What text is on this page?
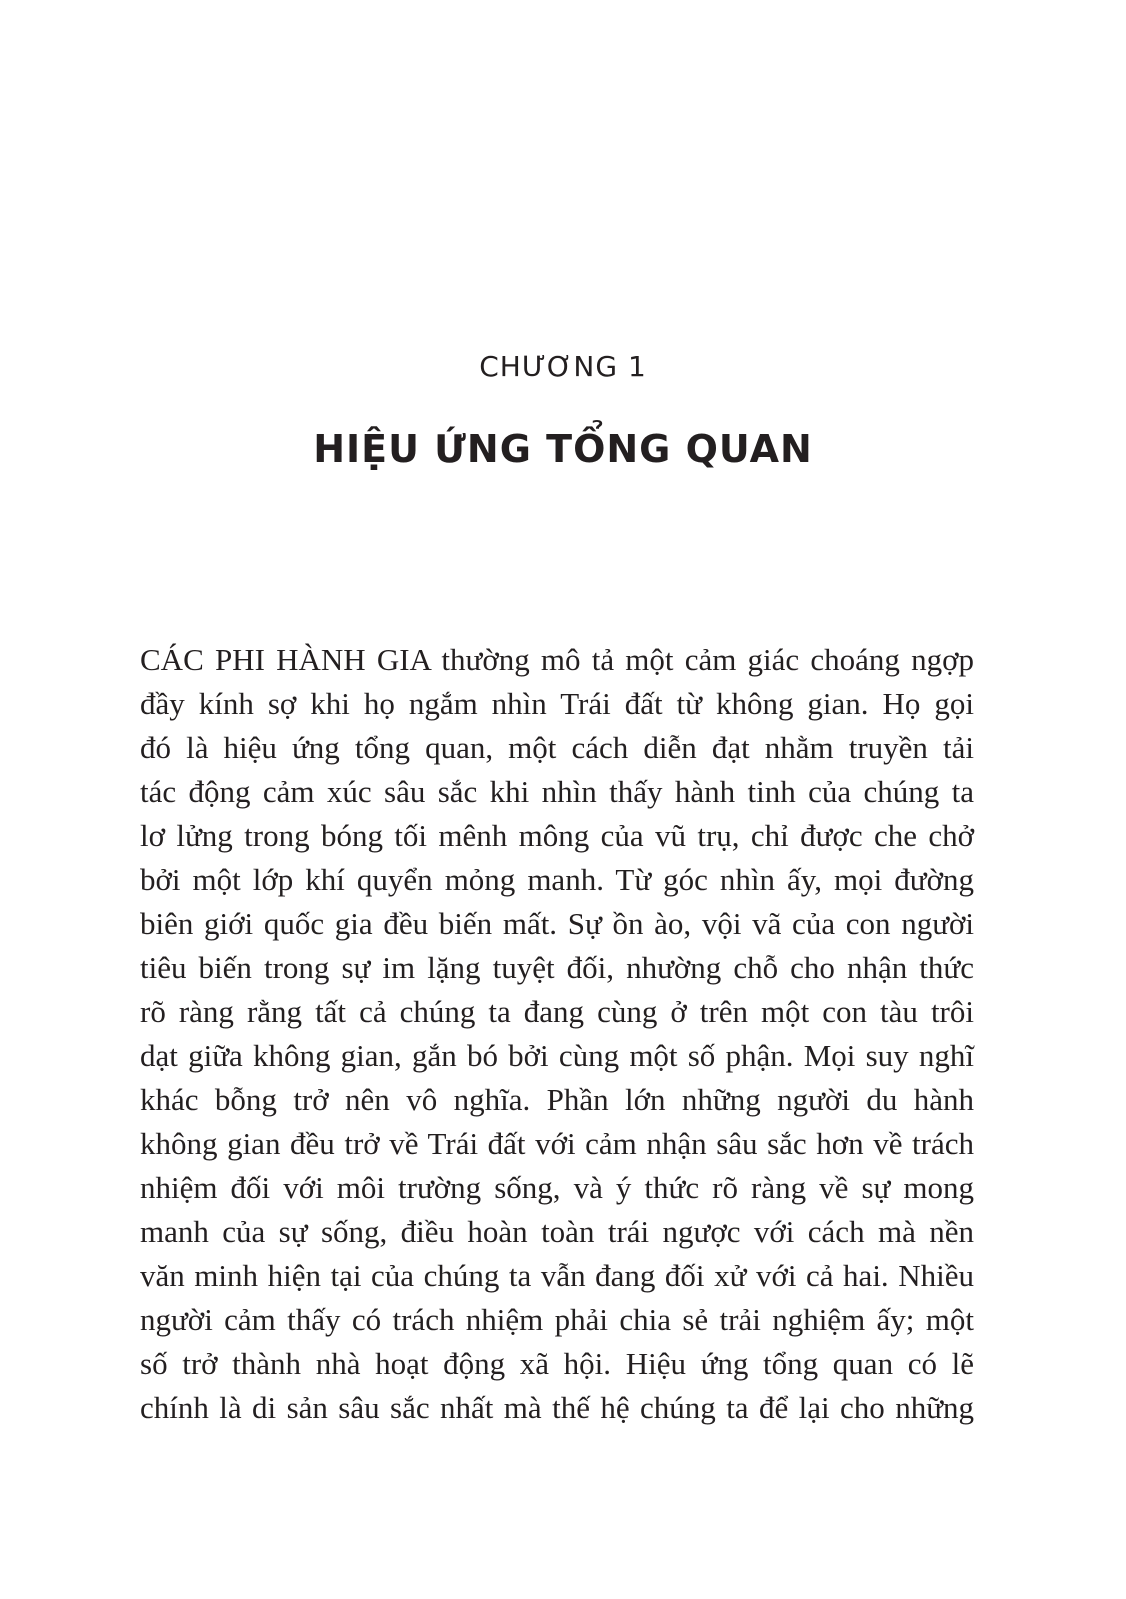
CHƯƠNG 1
HIỆU ỨNG TỔNG QUAN
CÁC PHI HÀNH GIA thường mô tả một cảm giác choáng ngợp
đầy kính sợ khi họ ngắm nhìn Trái đất từ không gian. Họ gọi
đó là hiệu ứng tổng quan, một cách diễn đạt nhằm truyền tải
tác động cảm xúc sâu sắc khi nhìn thấy hành tinh của chúng ta
lơ lửng trong bóng tối mênh mông của vũ trụ, chỉ được che chở
bởi một lớp khí quyển mỏng manh. Từ góc nhìn ấy, mọi đường
biên giới quốc gia đều biến mất. Sự ồn ào, vội vã của con người
tiêu biến trong sự im lặng tuyệt đối, nhường chỗ cho nhận thức
rõ ràng rằng tất cả chúng ta đang cùng ở trên một con tàu trôi
dạt giữa không gian, gắn bó bởi cùng một số phận. Mọi suy nghĩ
khác bỗng trở nên vô nghĩa. Phần lớn những người du hành
không gian đều trở về Trái đất với cảm nhận sâu sắc hơn về trách
nhiệm đối với môi trường sống, và ý thức rõ ràng về sự mong
manh của sự sống, điều hoàn toàn trái ngược với cách mà nền
văn minh hiện tại của chúng ta vẫn đang đối xử với cả hai. Nhiều
người cảm thấy có trách nhiệm phải chia sẻ trải nghiệm ấy; một
số trở thành nhà hoạt động xã hội. Hiệu ứng tổng quan có lẽ
chính là di sản sâu sắc nhất mà thế hệ chúng ta để lại cho những
